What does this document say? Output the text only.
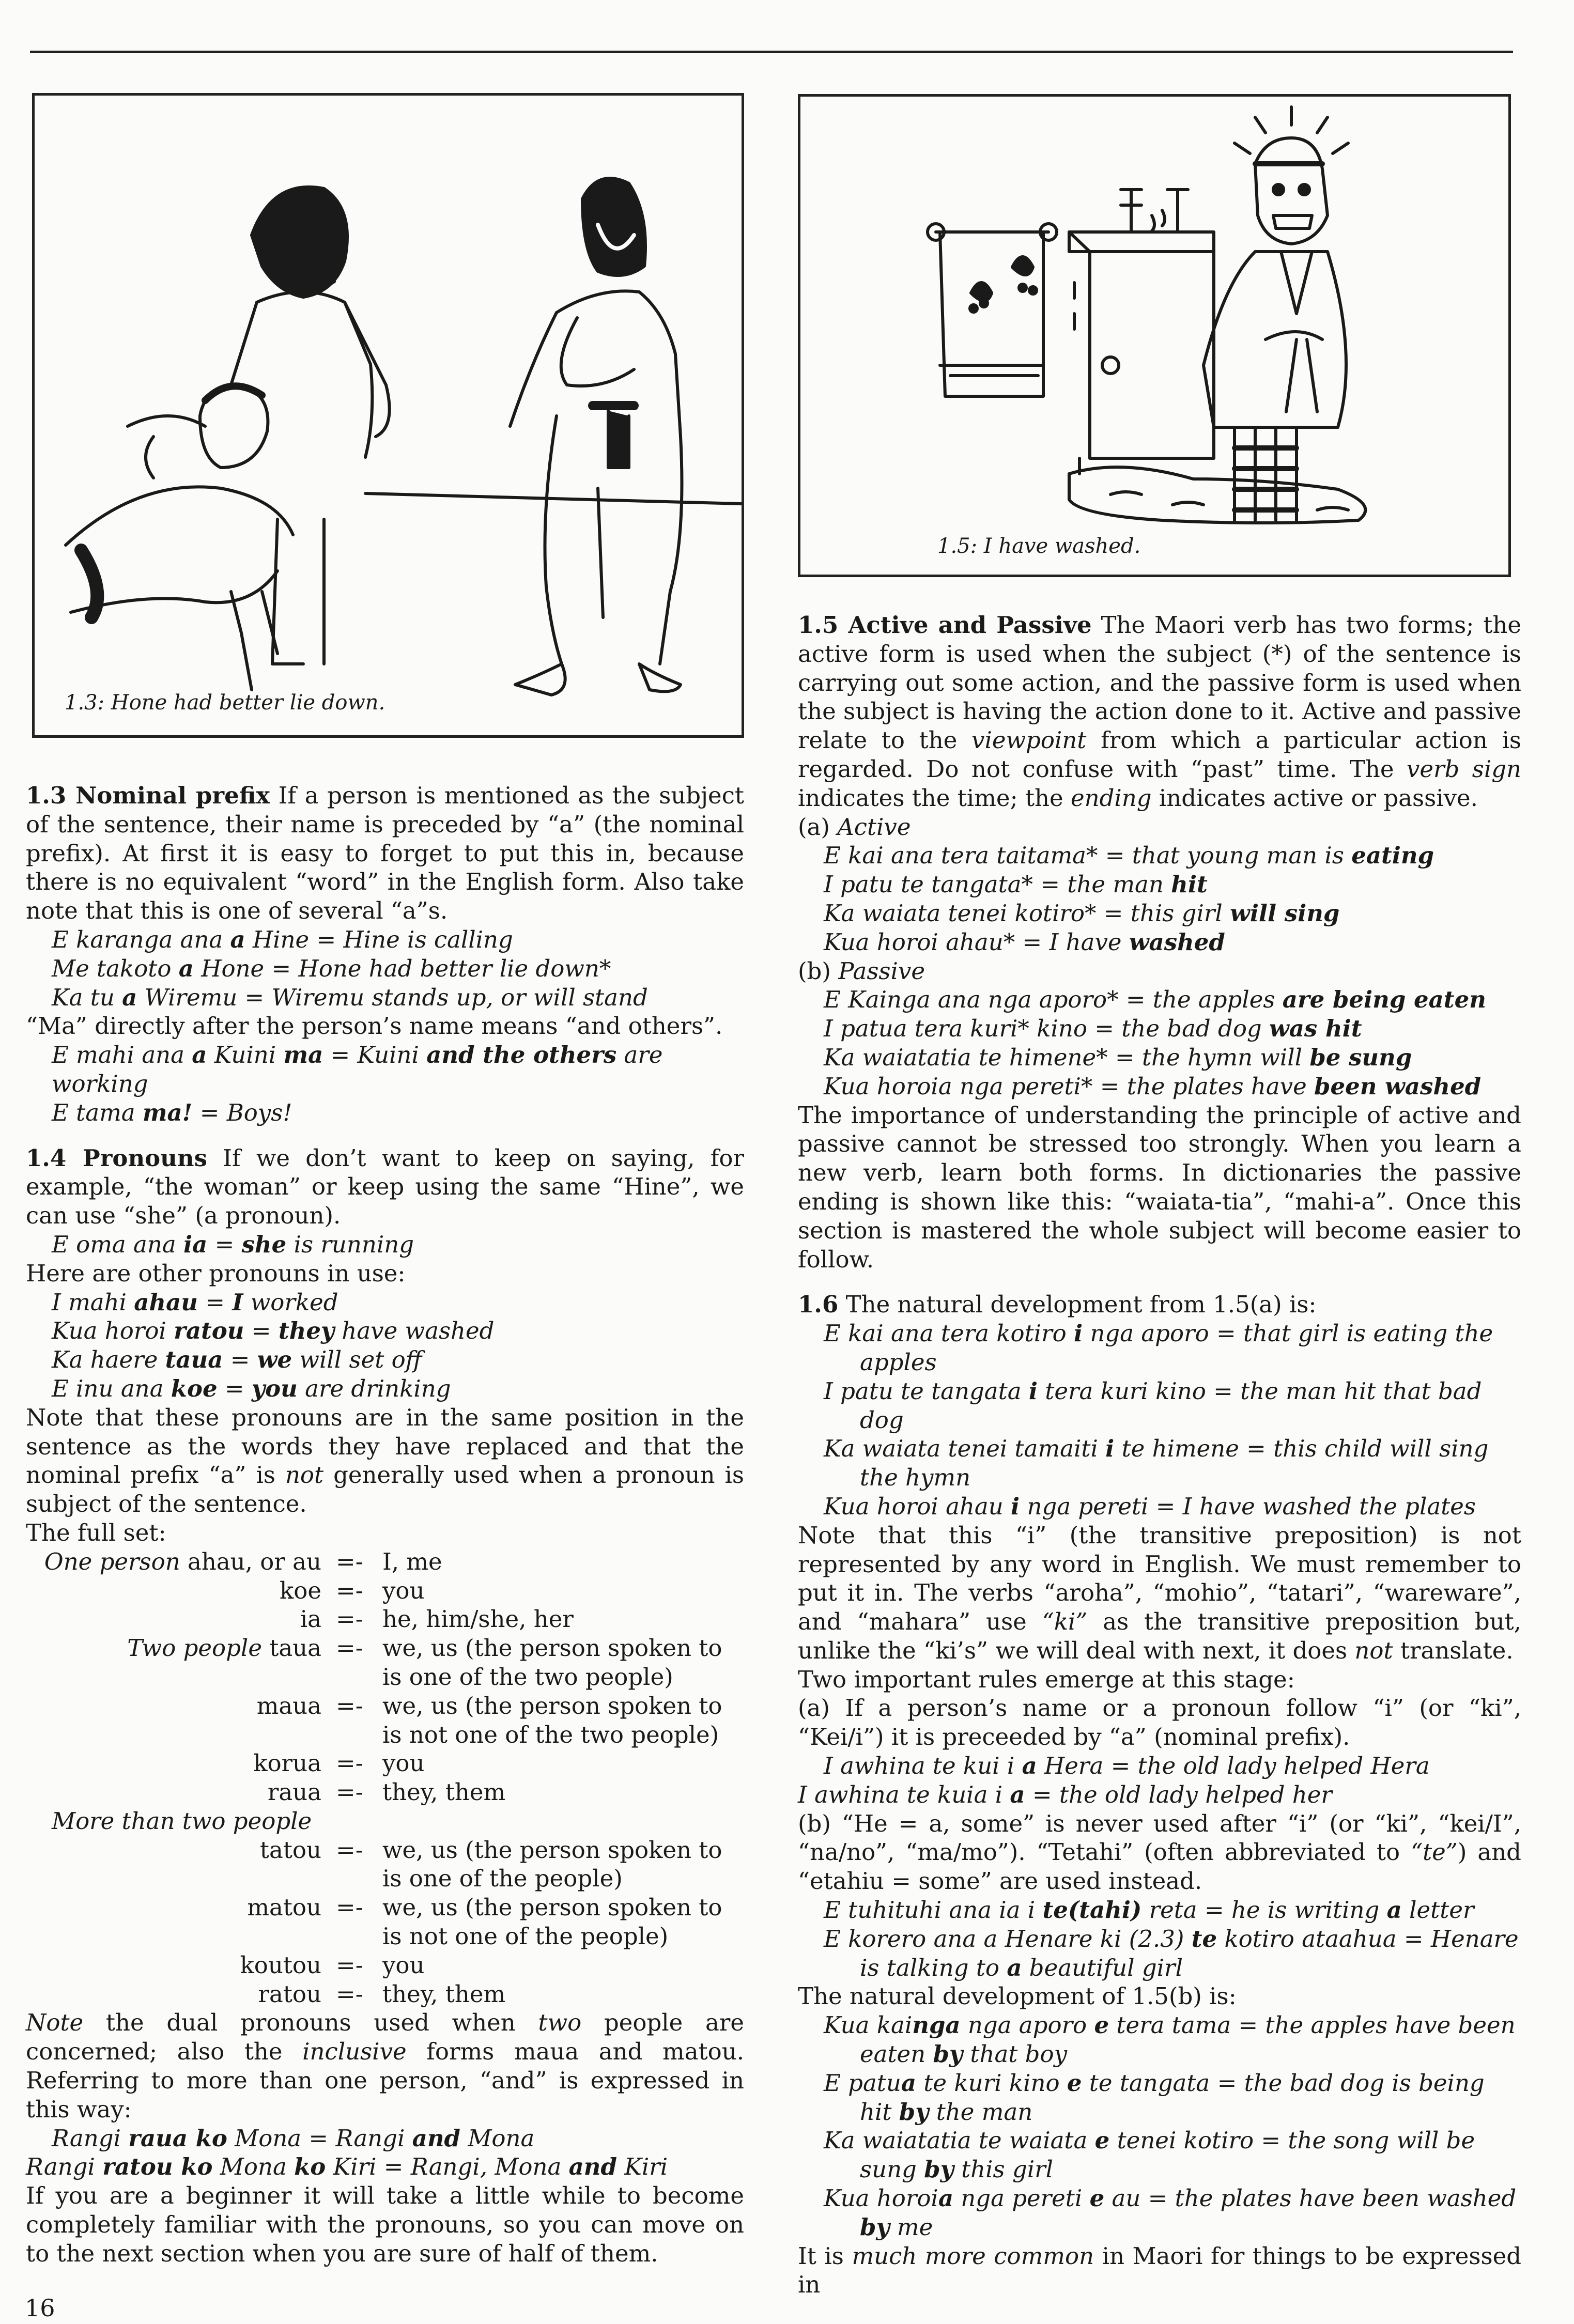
1.3: Hone had better lie down.

1.3 Nominal prefix If a person is mentioned as the subject of the sentence, their name is preceded by “a” (the nominal prefix). At first it is easy to forget to put this in, because there is no equivalent “word” in the English form. Also take note that this is one of several “a”s.

E karanga ana a Hine = Hine is calling

Me takoto a Hone = Hone had better lie down*

Ka tu a Wiremu = Wiremu stands up, or will stand

“Ma” directly after the person’s name means “and others”.

E mahi ana a Kuini ma = Kuini and the others are working

E tama ma! = Boys!

1.4 Pronouns If we don’t want to keep on saying, for example, “the woman” or keep using the same “Hine”, we can use “she” (a pronoun).

E oma ana ia = she is running

Here are other pronouns in use:

I mahi ahau = I worked

Kua horoi ratou = they have washed

Ka haere taua = we will set off

E inu ana koe = you are drinking

Note that these pronouns are in the same position in the sentence as the words they have replaced and that the nominal prefix “a” is not generally used when a pronoun is subject of the sentence.

The full set:

One person ahau, or au =- I, me
koe =- you
ia =- he, him/she, her
Two people taua =- we, us (the person spoken to is one of the two people)
maua =- we, us (the person spoken to is not one of the two people)
korua =- you
raua =- they, them
More than two people
tatou =- we, us (the person spoken to is one of the people)
matou =- we, us (the person spoken to is not one of the people)
koutou =- you
ratou =- they, them

Note the dual pronouns used when two people are concerned; also the inclusive forms maua and matou. Referring to more than one person, “and” is expressed in this way:

Rangi raua ko Mona = Rangi and Mona

Rangi ratou ko Mona ko Kiri = Rangi, Mona and Kiri

If you are a beginner it will take a little while to become completely familiar with the pronouns, so you can move on to the next section when you are sure of half of them.

1.5: I have washed.

1.5 Active and Passive The Maori verb has two forms; the active form is used when the subject (*) of the sentence is carrying out some action, and the passive form is used when the subject is having the action done to it. Active and passive relate to the viewpoint from which a particular action is regarded. Do not confuse with “past” time. The verb sign indicates the time; the ending indicates active or passive.

(a) Active

E kai ana tera taitama* = that young man is eating

I patu te tangata* = the man hit

Ka waiata tenei kotiro* = this girl will sing

Kua horoi ahau* = I have washed

(b) Passive

E Kainga ana nga aporo* = the apples are being eaten

I patua tera kuri* kino = the bad dog was hit

Ka waiatatia te himene* = the hymn will be sung

Kua horoia nga pereti* = the plates have been washed

The importance of understanding the principle of active and passive cannot be stressed too strongly. When you learn a new verb, learn both forms. In dictionaries the passive ending is shown like this: “waiata-tia”, “mahi-a”. Once this section is mastered the whole subject will become easier to follow.

1.6 The natural development from 1.5(a) is:

E kai ana tera kotiro i nga aporo = that girl is eating the apples

I patu te tangata i tera kuri kino = the man hit that bad dog

Ka waiata tenei tamaiti i te himene = this child will sing the hymn

Kua horoi ahau i nga pereti = I have washed the plates

Note that this “i” (the transitive preposition) is not represented by any word in English. We must remember to put it in. The verbs “aroha”, “mohio”, “tatari”, “wareware”, and “mahara” use “ki” as the transitive preposition but, unlike the “ki’s” we will deal with next, it does not translate.

Two important rules emerge at this stage:

(a) If a person’s name or a pronoun follow “i” (or “ki”, “Kei/i”) it is preceeded by “a” (nominal prefix).

I awhina te kui i a Hera = the old lady helped Hera

I awhina te kuia i a = the old lady helped her

(b) “He = a, some” is never used after “i” (or “ki”, “kei/I”, “na/no”, “ma/mo”). “Tetahi” (often abbreviated to “te”) and “etahiu = some” are used instead.

E tuhituhi ana ia i te(tahi) reta = he is writing a letter

E korero ana a Henare ki (2.3) te kotiro ataahua = Henare is talking to a beautiful girl

The natural development of 1.5(b) is:

Kua kainga nga aporo e tera tama = the apples have been eaten by that boy

E patua te kuri kino e te tangata = the bad dog is being hit by the man

Ka waiatatia te waiata e tenei kotiro = the song will be sung by this girl

Kua horoia nga pereti e au = the plates have been washed by me

It is much more common in Maori for things to be expressed in

16
